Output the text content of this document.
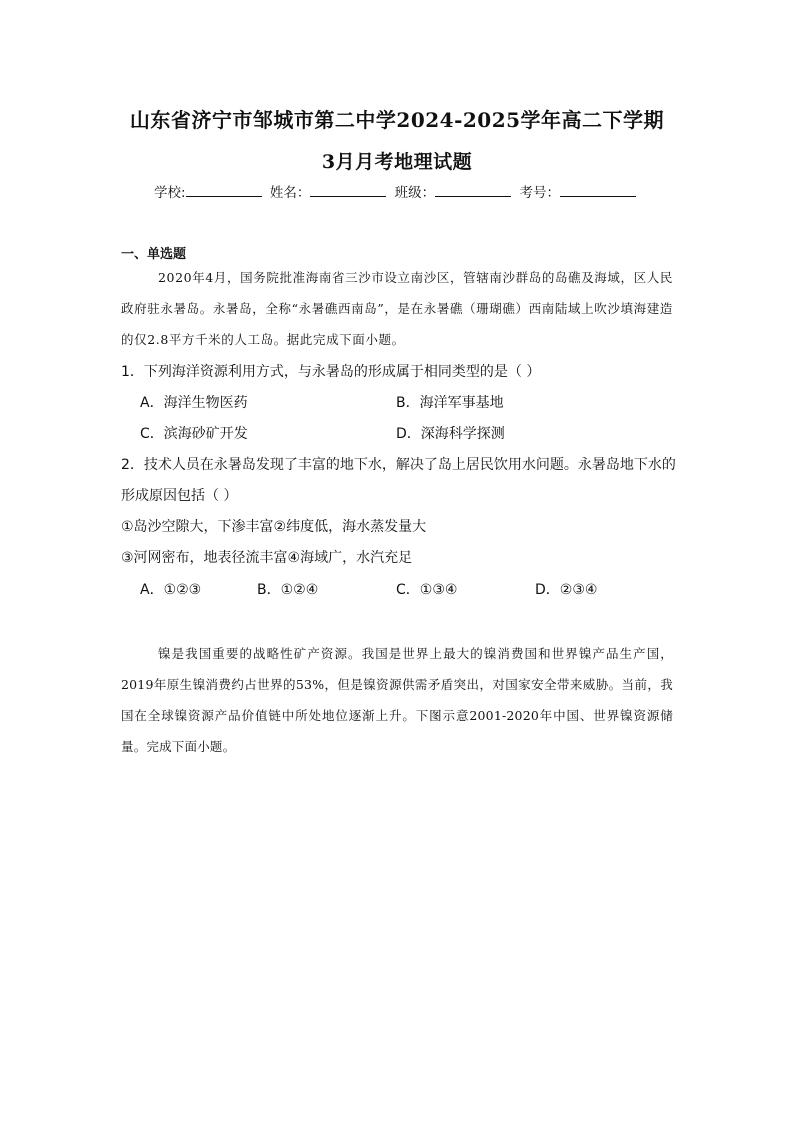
山东省济宁市邹城市第二中学2024-2025学年高二下学期
3月月考地理试题
学校:	姓名：	班级：	考号：
一、单选题
2020年4月，国务院批准海南省三沙市设立南沙区，管辖南沙群岛的岛礁及海域，区人民政府驻永暑岛。永暑岛，全称“永暑礁西南岛”，是在永暑礁（珊瑚礁）西南陆域上吹沙填海建造的仅2.8平方千米的人工岛。据此完成下面小题。
1．下列海洋资源利用方式，与永暑岛的形成属于相同类型的是（ ）
A．海洋生物医药	B．海洋军事基地
C．滨海砂矿开发	D．深海科学探测
2．技术人员在永暑岛发现了丰富的地下水，解决了岛上居民饮用水问题。永暑岛地下水的形成原因包括（ ）
①岛沙空隙大，下渗丰富②纬度低，海水蒸发量大
③河网密布，地表径流丰富④海域广，水汽充足
A．①②③	B．①②④	C．①③④	D．②③④
镍是我国重要的战略性矿产资源。我国是世界上最大的镍消费国和世界镍产品生产国，2019年原生镍消费约占世界的53%，但是镍资源供需矛盾突出，对国家安全带来威胁。当前，我国在全球镍资源产品价值链中所处地位逐渐上升。下图示意2001-2020年中国、世界镍资源储量。完成下面小题。
